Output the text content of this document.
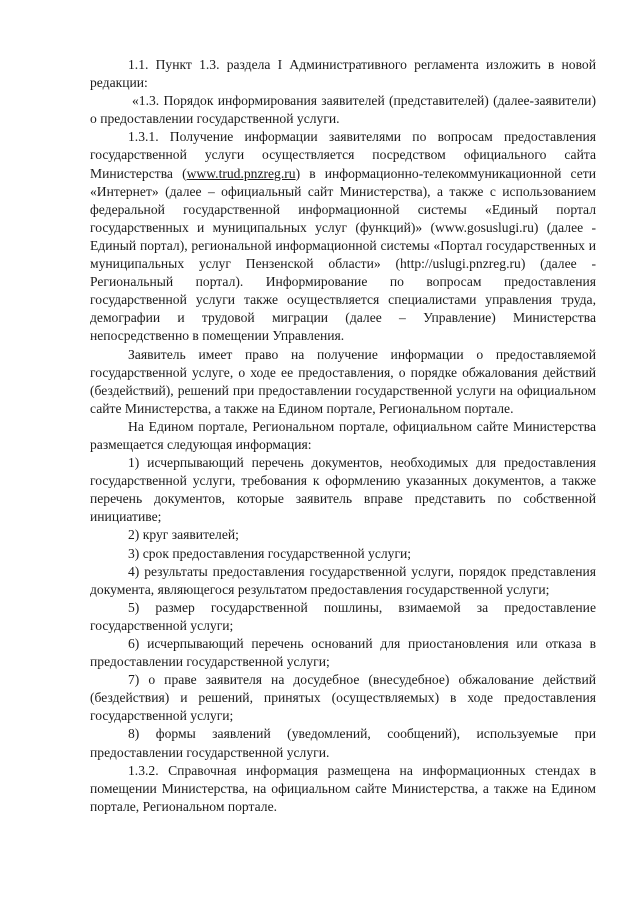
1.1. Пункт 1.3. раздела I Административного регламента изложить в новой редакции:

«1.3. Порядок информирования заявителей (представителей) (далее-заявители) о предоставлении государственной услуги.

1.3.1. Получение информации заявителями по вопросам предоставления государственной услуги осуществляется посредством официального сайта Министерства (www.trud.pnzreg.ru) в информационно-телекоммуникационной сети «Интернет» (далее – официальный сайт Министерства), а также с использованием федеральной государственной информационной системы «Единый портал государственных и муниципальных услуг (функций)» (www.gosuslugi.ru) (далее - Единый портал), региональной информационной системы «Портал государственных и муниципальных услуг Пензенской области» (http://uslugi.pnzreg.ru) (далее - Региональный портал). Информирование по вопросам предоставления государственной услуги также осуществляется специалистами управления труда, демографии и трудовой миграции (далее – Управление) Министерства непосредственно в помещении Управления.

Заявитель имеет право на получение информации о предоставляемой государственной услуге, о ходе ее предоставления, о порядке обжалования действий (бездействий), решений при предоставлении государственной услуги на официальном сайте Министерства, а также на Едином портале, Региональном портале.

На Едином портале, Региональном портале, официальном сайте Министерства размещается следующая информация:

1) исчерпывающий перечень документов, необходимых для предоставления государственной услуги, требования к оформлению указанных документов, а также перечень документов, которые заявитель вправе представить по собственной инициативе;

2) круг заявителей;

3) срок предоставления государственной услуги;

4) результаты предоставления государственной услуги, порядок представления документа, являющегося результатом предоставления государственной услуги;

5) размер государственной пошлины, взимаемой за предоставление государственной услуги;

6) исчерпывающий перечень оснований для приостановления или отказа в предоставлении государственной услуги;

7) о праве заявителя на досудебное (внесудебное) обжалование действий (бездействия) и решений, принятых (осуществляемых) в ходе предоставления государственной услуги;

8) формы заявлений (уведомлений, сообщений), используемые при предоставлении государственной услуги.

1.3.2. Справочная информация размещена на информационных стендах в помещении Министерства, на официальном сайте Министерства, а также на Едином портале, Региональном портале.
